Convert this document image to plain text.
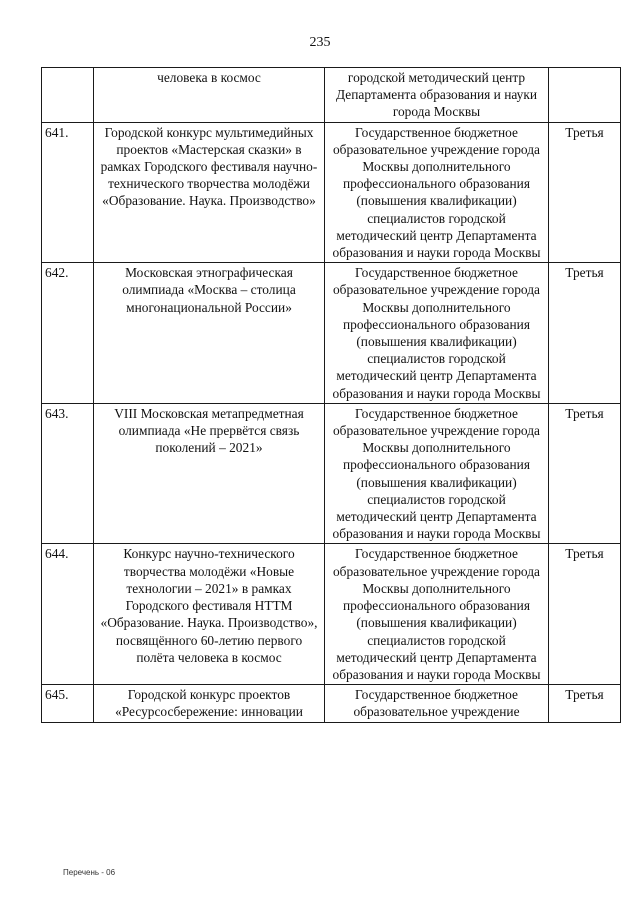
235
	человека в космос	городской методический центр Департамента образования и науки города Москвы	
641.	Городской конкурс мультимедийных проектов «Мастерская сказки» в рамках Городского фестиваля научно-технического творчества молодёжи «Образование. Наука. Производство»	Государственное бюджетное образовательное учреждение города Москвы дополнительного профессионального образования (повышения квалификации) специалистов городской методический центр Департамента образования и науки города Москвы	Третья
642.	Московская этнографическая олимпиада «Москва – столица многонациональной России»	Государственное бюджетное образовательное учреждение города Москвы дополнительного профессионального образования (повышения квалификации) специалистов городской методический центр Департамента образования и науки города Москвы	Третья
643.	VIII Московская метапредметная олимпиада «Не прервётся связь поколений – 2021»	Государственное бюджетное образовательное учреждение города Москвы дополнительного профессионального образования (повышения квалификации) специалистов городской методический центр Департамента образования и науки города Москвы	Третья
644.	Конкурс научно-технического творчества молодёжи «Новые технологии – 2021» в рамках Городского фестиваля НТТМ «Образование. Наука. Производство», посвящённого 60-летию первого полёта человека в космос	Государственное бюджетное образовательное учреждение города Москвы дополнительного профессионального образования (повышения квалификации) специалистов городской методический центр Департамента образования и науки города Москвы	Третья
645.	Городской конкурс проектов «Ресурсосбережение: инновации	Государственное бюджетное образовательное учреждение	Третья
Перечень - 06
